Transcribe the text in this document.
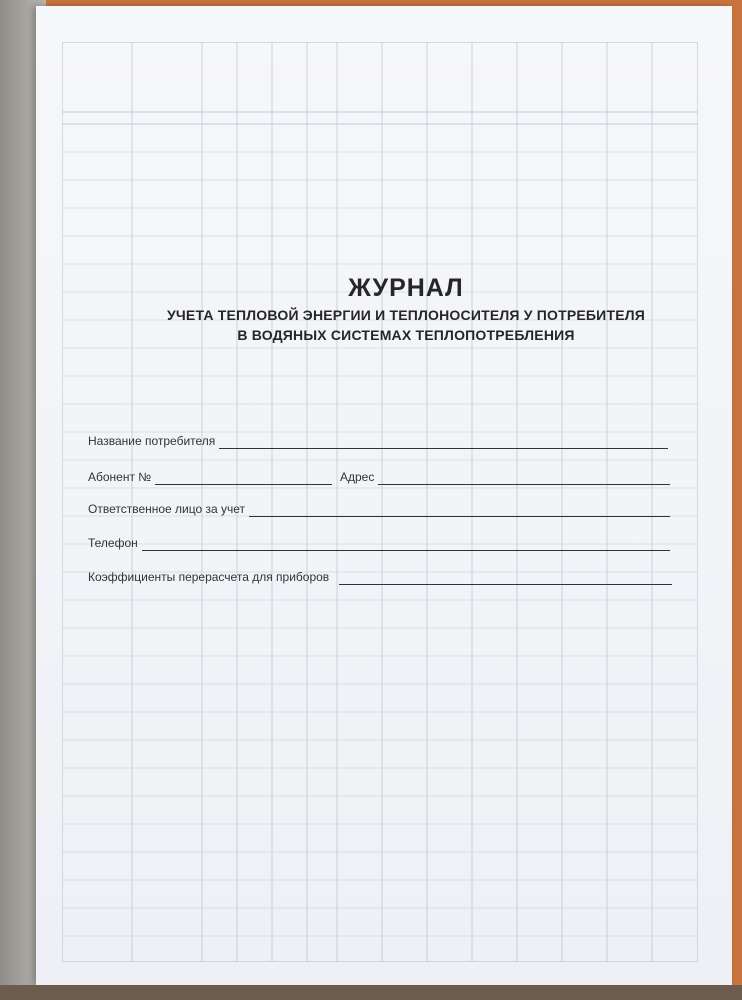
ЖУРНАЛ

УЧЕТА ТЕПЛОВОЙ ЭНЕРГИИ И ТЕПЛОНОСИТЕЛЯ У ПОТРЕБИТЕЛЯ

В ВОДЯНЫХ СИСТЕМАХ ТЕПЛОПОТРЕБЛЕНИЯ

Название потребителя
Абонент №	Адрес
Ответственное лицо за учет
Телефон
Коэффициенты перерасчета для приборов
